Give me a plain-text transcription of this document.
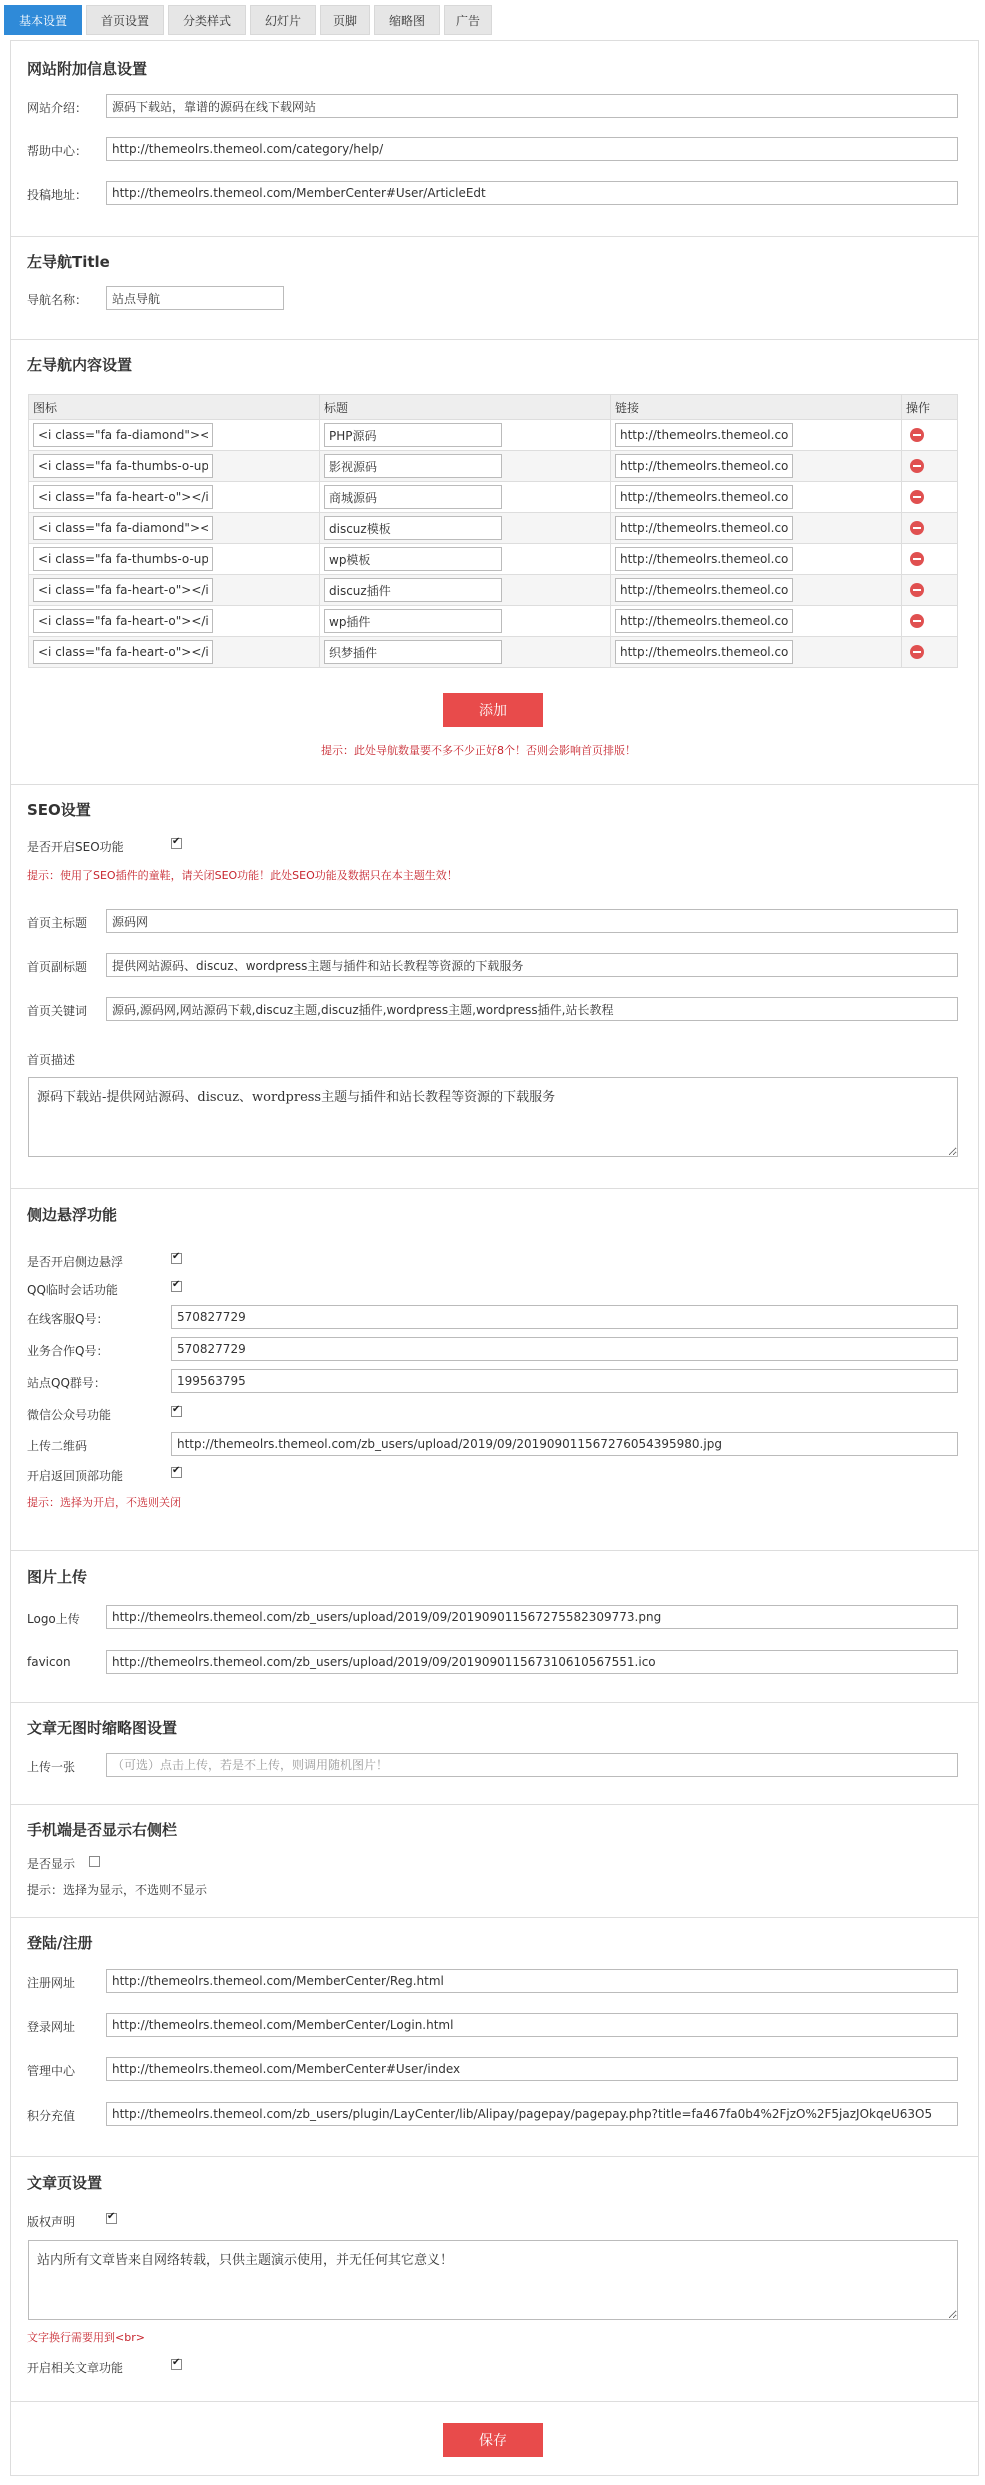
基本设置	首页设置	分类样式	幻灯片	页脚	缩略图	广告
网站附加信息设置
网站介绍：
源码下载站，靠谱的源码在线下载网站
帮助中心：
http://themeolrs.themeol.com/category/help/
投稿地址：
http://themeolrs.themeol.com/MemberCenter#User/ArticleEdt
左导航Title
导航名称：
站点导航
左导航内容设置
图标	标题	链接	操作
<i class="fa fa-diamond"></i>	PHP源码	http://themeolrs.themeol.com	
<i class="fa fa-thumbs-o-up"></i>	影视源码	http://themeolrs.themeol.com	
<i class="fa fa-heart-o"></i>	商城源码	http://themeolrs.themeol.com	
<i class="fa fa-diamond"></i>	discuz模板	http://themeolrs.themeol.com	
<i class="fa fa-thumbs-o-up"></i>	wp模板	http://themeolrs.themeol.com	
<i class="fa fa-heart-o"></i>	discuz插件	http://themeolrs.themeol.com	
<i class="fa fa-heart-o"></i>	wp插件	http://themeolrs.themeol.com	
<i class="fa fa-heart-o"></i>	织梦插件	http://themeolrs.themeol.com	
添加
提示：此处导航数量要不多不少正好8个！否则会影响首页排版！
SEO设置
是否开启SEO功能
✔
提示：使用了SEO插件的童鞋，请关闭SEO功能！此处SEO功能及数据只在本主题生效！
首页主标题
源码网
首页副标题
提供网站源码、discuz、wordpress主题与插件和站长教程等资源的下载服务
首页关键词
源码,源码网,网站源码下载,discuz主题,discuz插件,wordpress主题,wordpress插件,站长教程
首页描述
源码下载站-提供网站源码、discuz、wordpress主题与插件和站长教程等资源的下载服务
侧边悬浮功能
是否开启侧边悬浮
✔
QQ临时会话功能
✔
在线客服Q号：
570827729
业务合作Q号：
570827729
站点QQ群号：
199563795
微信公众号功能
✔
上传二维码
http://themeolrs.themeol.com/zb_users/upload/2019/09/201909011567276054395980.jpg
开启返回顶部功能
✔
提示：选择为开启，不选则关闭
图片上传
Logo上传
http://themeolrs.themeol.com/zb_users/upload/2019/09/201909011567275582309773.png
favicon
http://themeolrs.themeol.com/zb_users/upload/2019/09/201909011567310610567551.ico
文章无图时缩略图设置
上传一张
（可选）点击上传，若是不上传，则调用随机图片！
手机端是否显示右侧栏
是否显示
提示：选择为显示，不选则不显示
登陆/注册
注册网址
http://themeolrs.themeol.com/MemberCenter/Reg.html
登录网址
http://themeolrs.themeol.com/MemberCenter/Login.html
管理中心
http://themeolrs.themeol.com/MemberCenter#User/index
积分充值
http://themeolrs.themeol.com/zb_users/plugin/LayCenter/lib/Alipay/pagepay/pagepay.php?title=fa467fa0b4%2FjzO%2F5jazJOkqeU63O5
文章页设置
版权声明
✔
站内所有文章皆来自网络转载，只供主题演示使用，并无任何其它意义！
文字换行需要用到<br>
开启相关文章功能
✔
保存
